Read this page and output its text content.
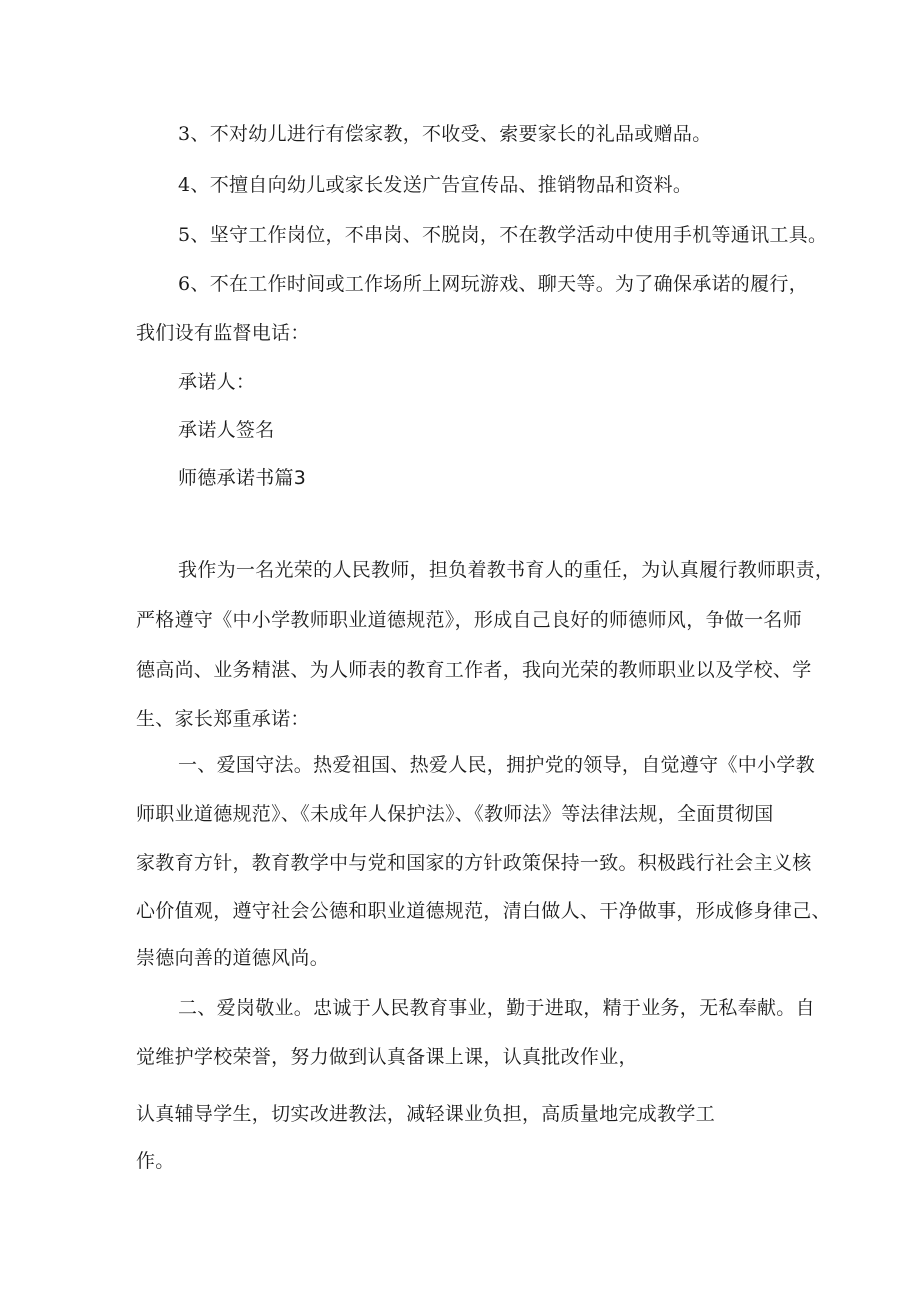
3、不对幼儿进行有偿家教，不收受、索要家长的礼品或赠品。
4、不擅自向幼儿或家长发送广告宣传品、推销物品和资料。
5、坚守工作岗位，不串岗、不脱岗，不在教学活动中使用手机等通讯工具。
6、不在工作时间或工作场所上网玩游戏、聊天等。为了确保承诺的履行，
我们设有监督电话：
承诺人：
承诺人签名
师德承诺书篇3
我作为一名光荣的人民教师，担负着教书育人的重任，为认真履行教师职责，
严格遵守《中小学教师职业道德规范》，形成自己良好的师德师风，争做一名师
德高尚、业务精湛、为人师表的教育工作者，我向光荣的教师职业以及学校、学
生、家长郑重承诺：
一、爱国守法。热爱祖国、热爱人民，拥护党的领导，自觉遵守《中小学教
师职业道德规范》、《未成年人保护法》、《教师法》等法律法规，全面贯彻国
家教育方针，教育教学中与党和国家的方针政策保持一致。积极践行社会主义核
心价值观，遵守社会公德和职业道德规范，清白做人、干净做事，形成修身律己、
崇德向善的道德风尚。
二、爱岗敬业。忠诚于人民教育事业，勤于进取，精于业务，无私奉献。自
觉维护学校荣誉，努力做到认真备课上课，认真批改作业，
认真辅导学生，切实改进教法，减轻课业负担，高质量地完成教学工
作。
